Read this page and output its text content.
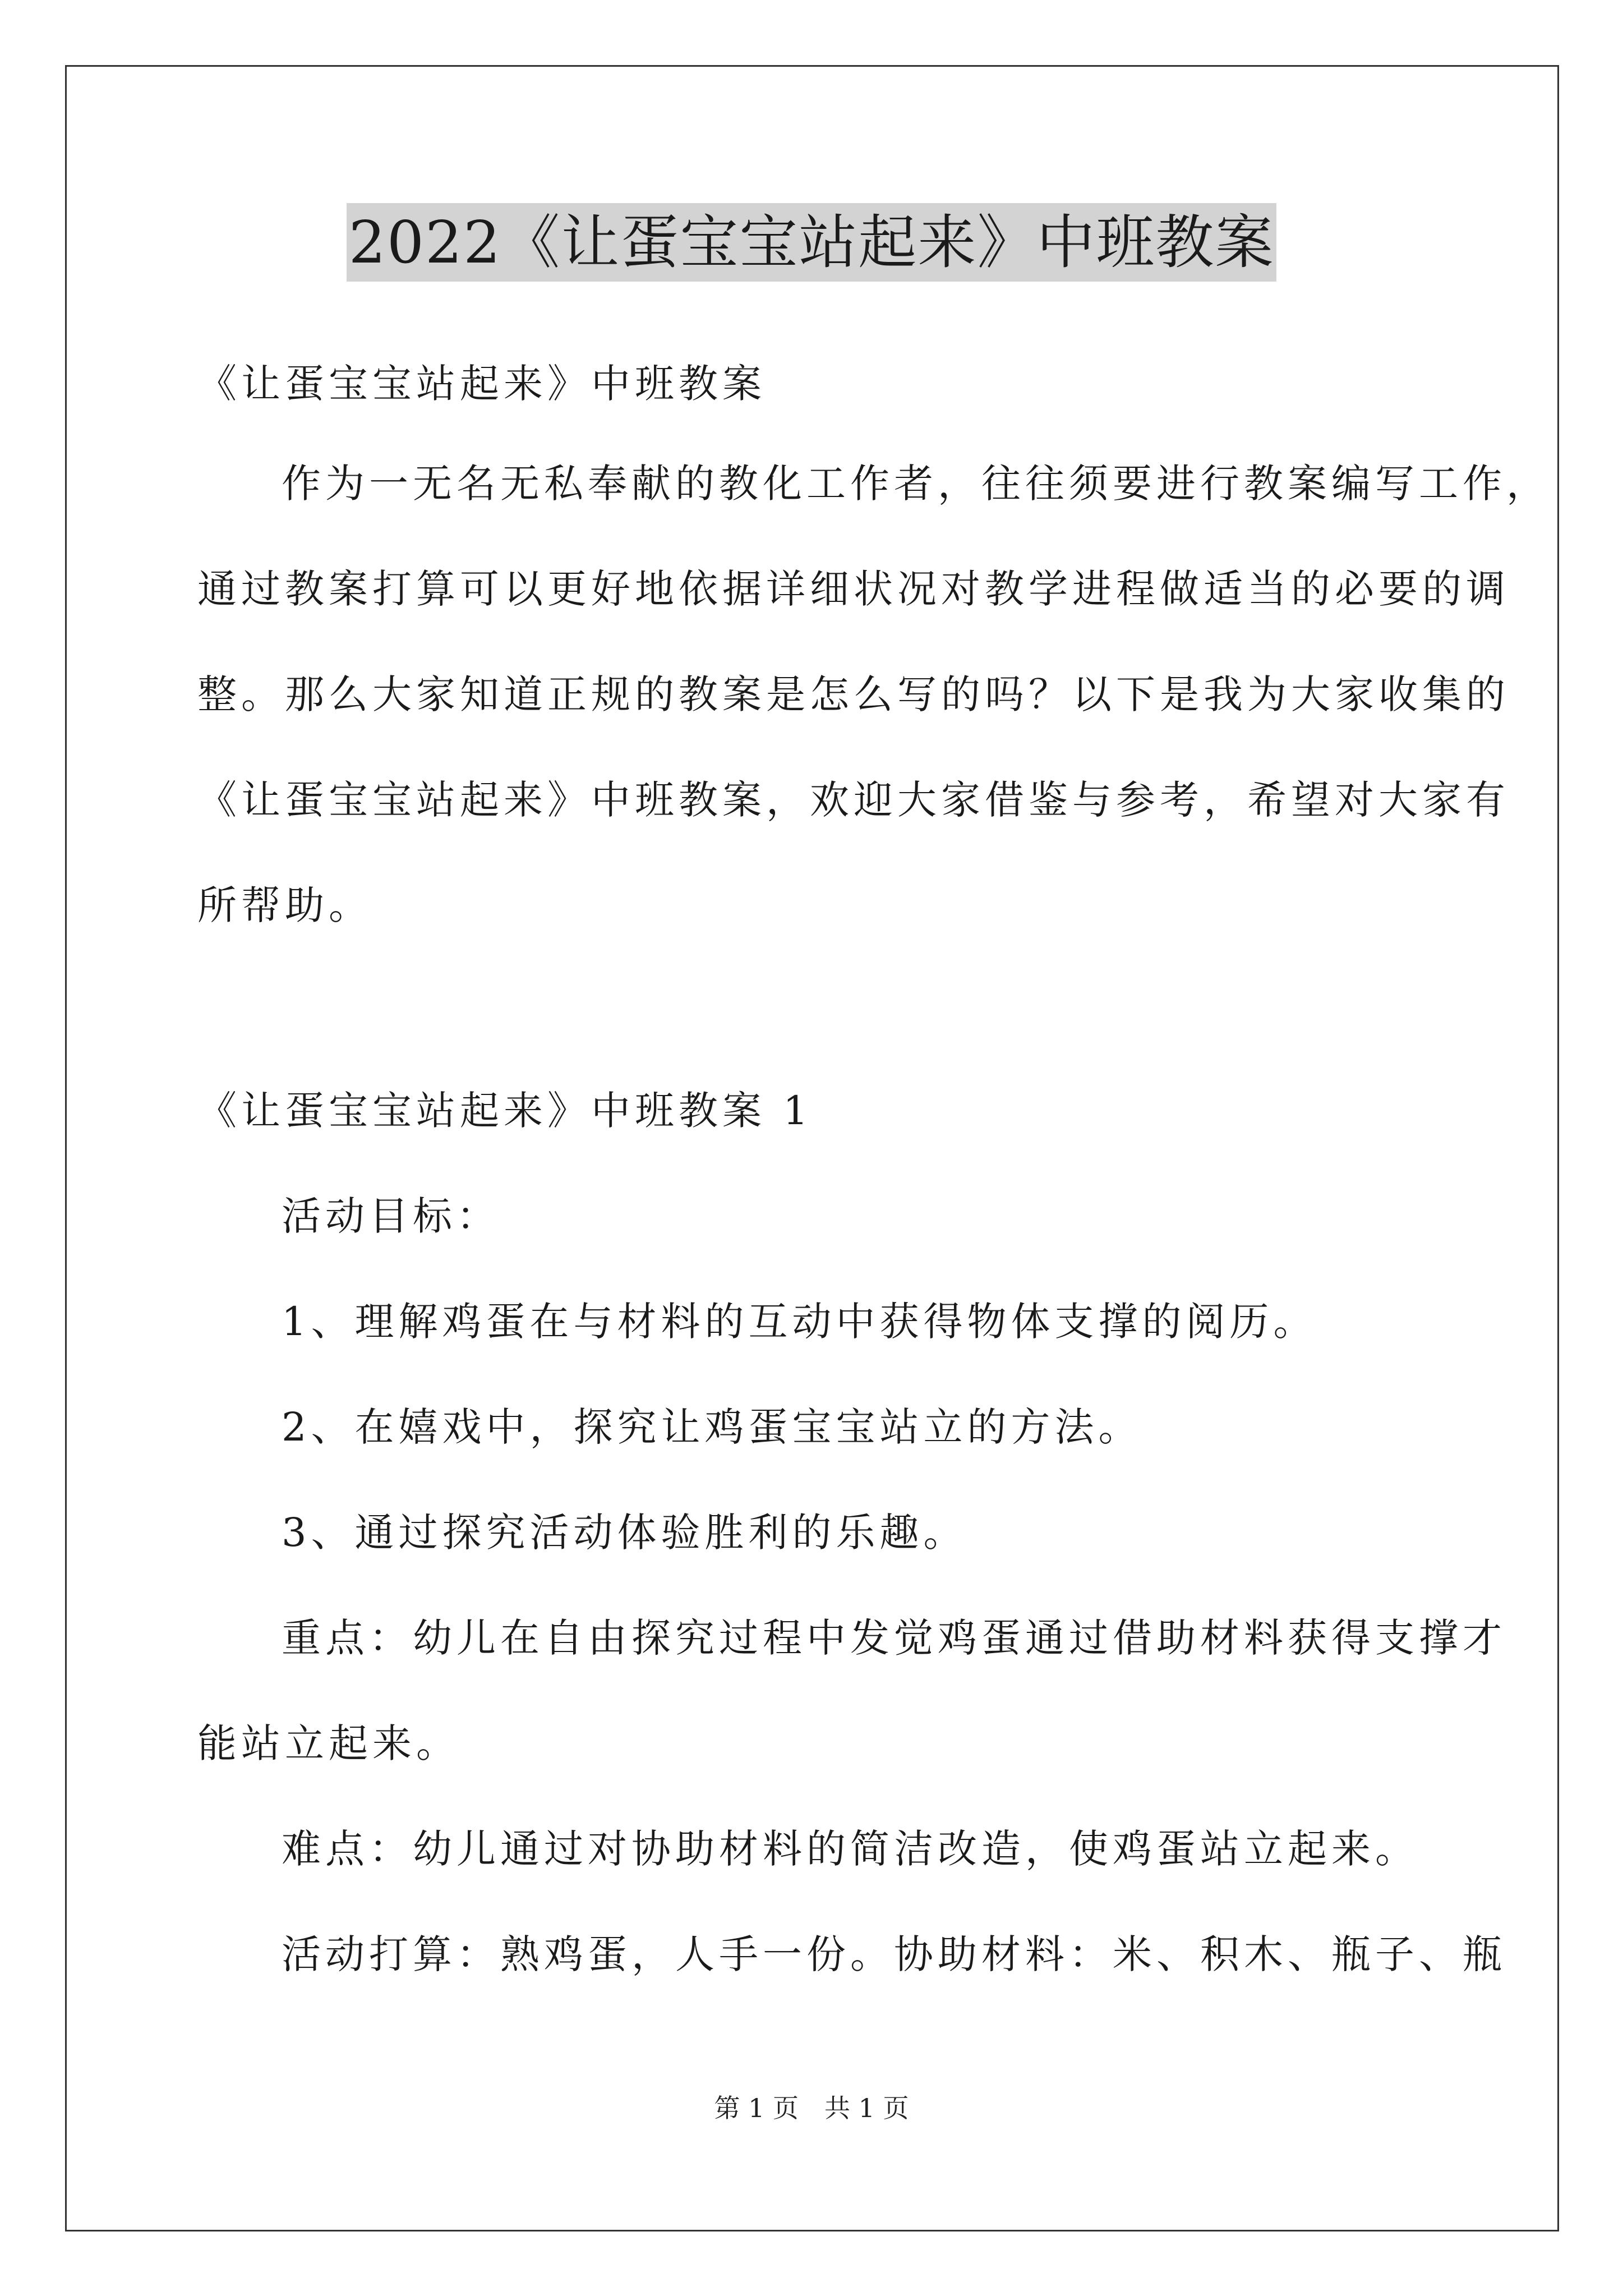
2022《让蛋宝宝站起来》中班教案
《让蛋宝宝站起来》中班教案
作为一无名无私奉献的教化工作者，往往须要进行教案编写工作，
通过教案打算可以更好地依据详细状况对教学进程做适当的必要的调
整。那么大家知道正规的教案是怎么写的吗？以下是我为大家收集的
《让蛋宝宝站起来》中班教案，欢迎大家借鉴与参考，希望对大家有
所帮助。
《让蛋宝宝站起来》中班教案 1
活动目标：
1、理解鸡蛋在与材料的互动中获得物体支撑的阅历。
2、在嬉戏中，探究让鸡蛋宝宝站立的方法。
3、通过探究活动体验胜利的乐趣。
重点：幼儿在自由探究过程中发觉鸡蛋通过借助材料获得支撑才
能站立起来。
难点：幼儿通过对协助材料的简洁改造，使鸡蛋站立起来。
活动打算：熟鸡蛋，人手一份。协助材料：米、积木、瓶子、瓶
第 1 页　共 1 页
